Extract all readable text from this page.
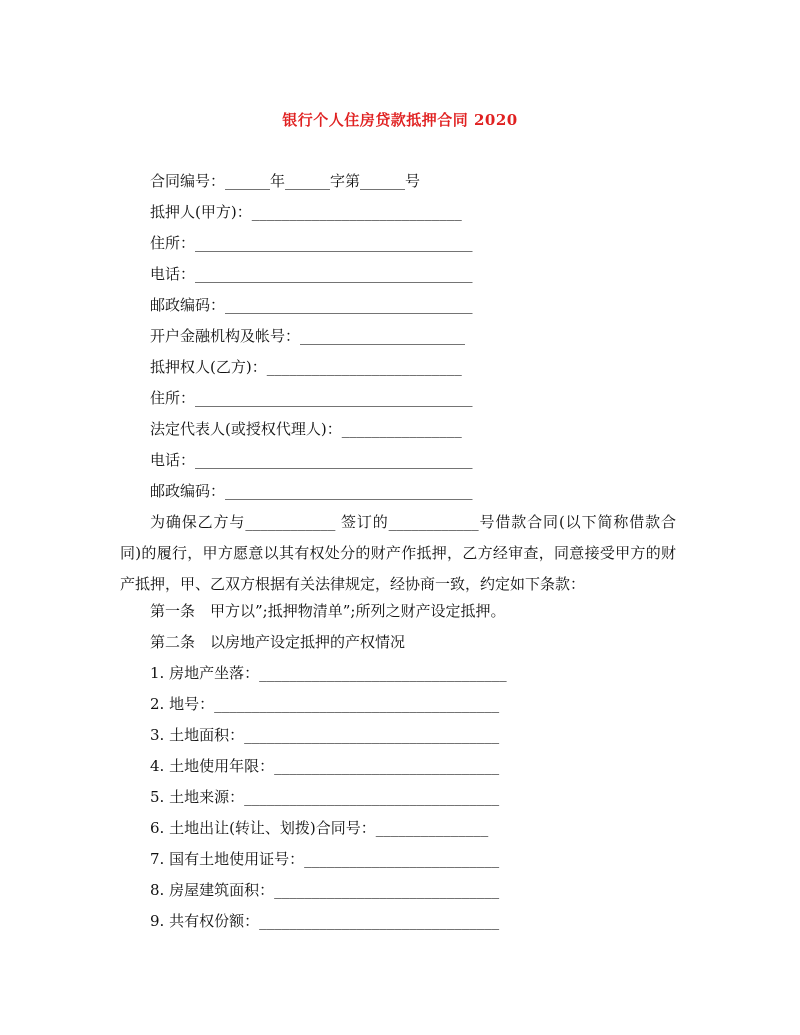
银行个人住房贷款抵押合同 2020
合同编号：______年______字第______号
抵押人(甲方)：____________________________
住所：_____________________________________
电话：_____________________________________
邮政编码：_________________________________
开户金融机构及帐号：______________________
抵押权人(乙方)：__________________________
住所：_____________________________________
法定代表人(或授权代理人)：________________
电话：_____________________________________
邮政编码：_________________________________
为确保乙方与____________ 签订的____________号借款合同(以下简称借款合同)的履行，甲方愿意以其有权处分的财产作抵押，乙方经审查，同意接受甲方的财产抵押，甲、乙双方根据有关法律规定，经协商一致，约定如下条款：
第一条　甲方以”;抵押物清单”;所列之财产设定抵押。
第二条　以房地产设定抵押的产权情况
1. 房地产坐落：_________________________________
2. 地号：______________________________________
3. 土地面积：__________________________________
4. 土地使用年限：______________________________
5. 土地来源：__________________________________
6. 土地出让(转让、划拨)合同号：_______________
7. 国有土地使用证号：__________________________
8. 房屋建筑面积：______________________________
9. 共有权份额：________________________________
